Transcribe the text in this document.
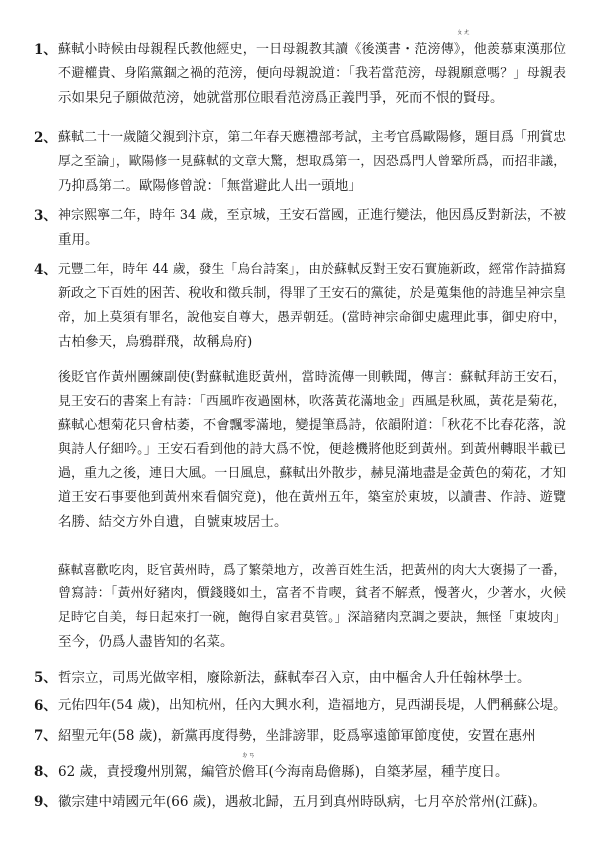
1、 蘇軾小時候由母親程氏教他經史，一日母親教其讀《後漢書・范滂傳》，他羨慕東漢那位
不避權貴、身陷黨錮之禍的范滂，便向母親說道：「我若當范滂，母親願意嗎？」母親表
示如果兒子願做范滂，她就當那位眼看范滂爲正義門爭，死而不恨的賢母。
ㄆㄤ
2、 蘇軾二十一歲隨父親到汴京，第二年春天應禮部考試，主考官爲歐陽修，題目爲「刑賞忠
厚之至論」，歐陽修一見蘇軾的文章大驚，想取爲第一，因恐爲門人曾鞏所爲，而招非議，
乃抑爲第二。歐陽修曾說：「無當避此人出一頭地」
3、 神宗熙寧二年，時年 34 歲，至京城，王安石當國，正進行變法，他因爲反對新法，不被
重用。
4、 元豐二年，時年 44 歲，發生「烏台詩案」，由於蘇軾反對王安石實施新政，經常作詩描寫
新政之下百姓的困苦、稅收和徵兵制，得罪了王安石的黨徒，於是蒐集他的詩進呈神宗皇
帝，加上莫須有罪名，說他妄自尊大，愚弄朝廷。(當時神宗命御史處理此事，御史府中，
古柏參天，烏鴉群飛，故稱烏府)
後貶官作黃州團練副使(對蘇軾進貶黃州，當時流傳一則軼聞，傳言：蘇軾拜訪王安石，
見王安石的書案上有詩：「西風昨夜過園林，吹落黃花滿地金」西風是秋風，黃花是菊花，
蘇軾心想菊花只會枯萎，不會飄零滿地，變提筆爲詩，依韻附道：「秋花不比春花落，說
與詩人仔細吟。」王安石看到他的詩大爲不悅，便趁機將他貶到黃州。到黃州轉眼半載已
過，重九之後，連日大風。一日風息，蘇軾出外散步，赫見滿地盡是金黃色的菊花，才知
道王安石事要他到黃州來看個究竟)，他在黃州五年，築室於東坡，以讀書、作詩、遊覽
名勝、結交方外自遺，自號東坡居士。
蘇軾喜歡吃肉，貶官黃州時，爲了繁榮地方，改善百姓生活，把黃州的肉大大褒揚了一番，
曾寫詩：「黃州好豬肉，價錢賤如土，富者不肯喫，貧者不解煮，慢著火，少著水，火候
足時它自美，每日起來打一碗，飽得自家君莫管。」深諳豬肉烹調之要訣，無怪「東坡肉」
至今，仍爲人盡皆知的名菜。
5、 哲宗立，司馬光做宰相，廢除新法，蘇軾奉召入京，由中樞舍人升任翰林學士。
6、 元佑四年(54 歲)，出知杭州，任內大興水利，造福地方，見西湖長堤，人們稱蘇公堤。
7、 紹聖元年(58 歲)，新黨再度得勢，坐誹謗罪，貶爲寧遠節軍節度使，安置在惠州
8、 62 歲，責授瓊州別駕，編管於
ㄉㄢ
儋耳(今海南島儋縣)，自築茅屋，種芋度日。
9、 徽宗建中靖國元年(66 歲)，遇赦北歸，五月到真州時臥病，七月卒於常州(江蘇)。
